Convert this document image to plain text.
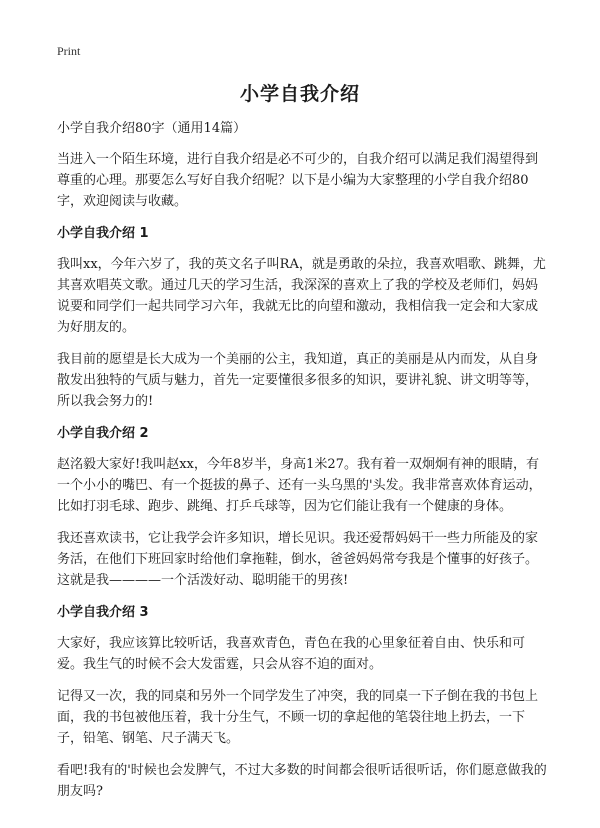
Print
小学自我介绍

小学自我介绍80字（通用14篇）

当进入一个陌生环境，进行自我介绍是必不可少的，自我介绍可以满足我们渴望得到尊重的心理。那要怎么写好自我介绍呢？以下是小编为大家整理的小学自我介绍80字，欢迎阅读与收藏。

小学自我介绍 1

我叫xx，今年六岁了，我的英文名子叫RA，就是勇敢的朵拉，我喜欢唱歌、跳舞，尤其喜欢唱英文歌。通过几天的学习生活，我深深的喜欢上了我的学校及老师们，妈妈说要和同学们一起共同学习六年，我就无比的向望和激动，我相信我一定会和大家成为好朋友的。

我目前的愿望是长大成为一个美丽的公主，我知道，真正的美丽是从内而发，从自身散发出独特的气质与魅力，首先一定要懂很多很多的知识，要讲礼貌、讲文明等等，所以我会努力的!

小学自我介绍 2

赵洺毅大家好!我叫赵xx，今年8岁半，身高1米27。我有着一双炯炯有神的眼睛，有一个小小的嘴巴、有一个挺拔的鼻子、还有一头乌黑的'头发。我非常喜欢体育运动，比如打羽毛球、跑步、跳绳、打乒乓球等，因为它们能让我有一个健康的身体。

我还喜欢读书，它让我学会许多知识，增长见识。我还爱帮妈妈干一些力所能及的家务活，在他们下班回家时给他们拿拖鞋，倒水，爸爸妈妈常夸我是个懂事的好孩子。这就是我————一个活泼好动、聪明能干的男孩!

小学自我介绍 3

大家好，我应该算比较听话，我喜欢青色，青色在我的心里象征着自由、快乐和可爱。我生气的时候不会大发雷霆，只会从容不迫的面对。

记得又一次，我的同桌和另外一个同学发生了冲突，我的同桌一下子倒在我的书包上面，我的书包被他压着，我十分生气，不顾一切的拿起他的笔袋往地上扔去，一下子，铅笔、钢笔、尺子满天飞。

看吧!我有的'时候也会发脾气，不过大多数的时间都会很听话很听话，你们愿意做我的朋友吗?
